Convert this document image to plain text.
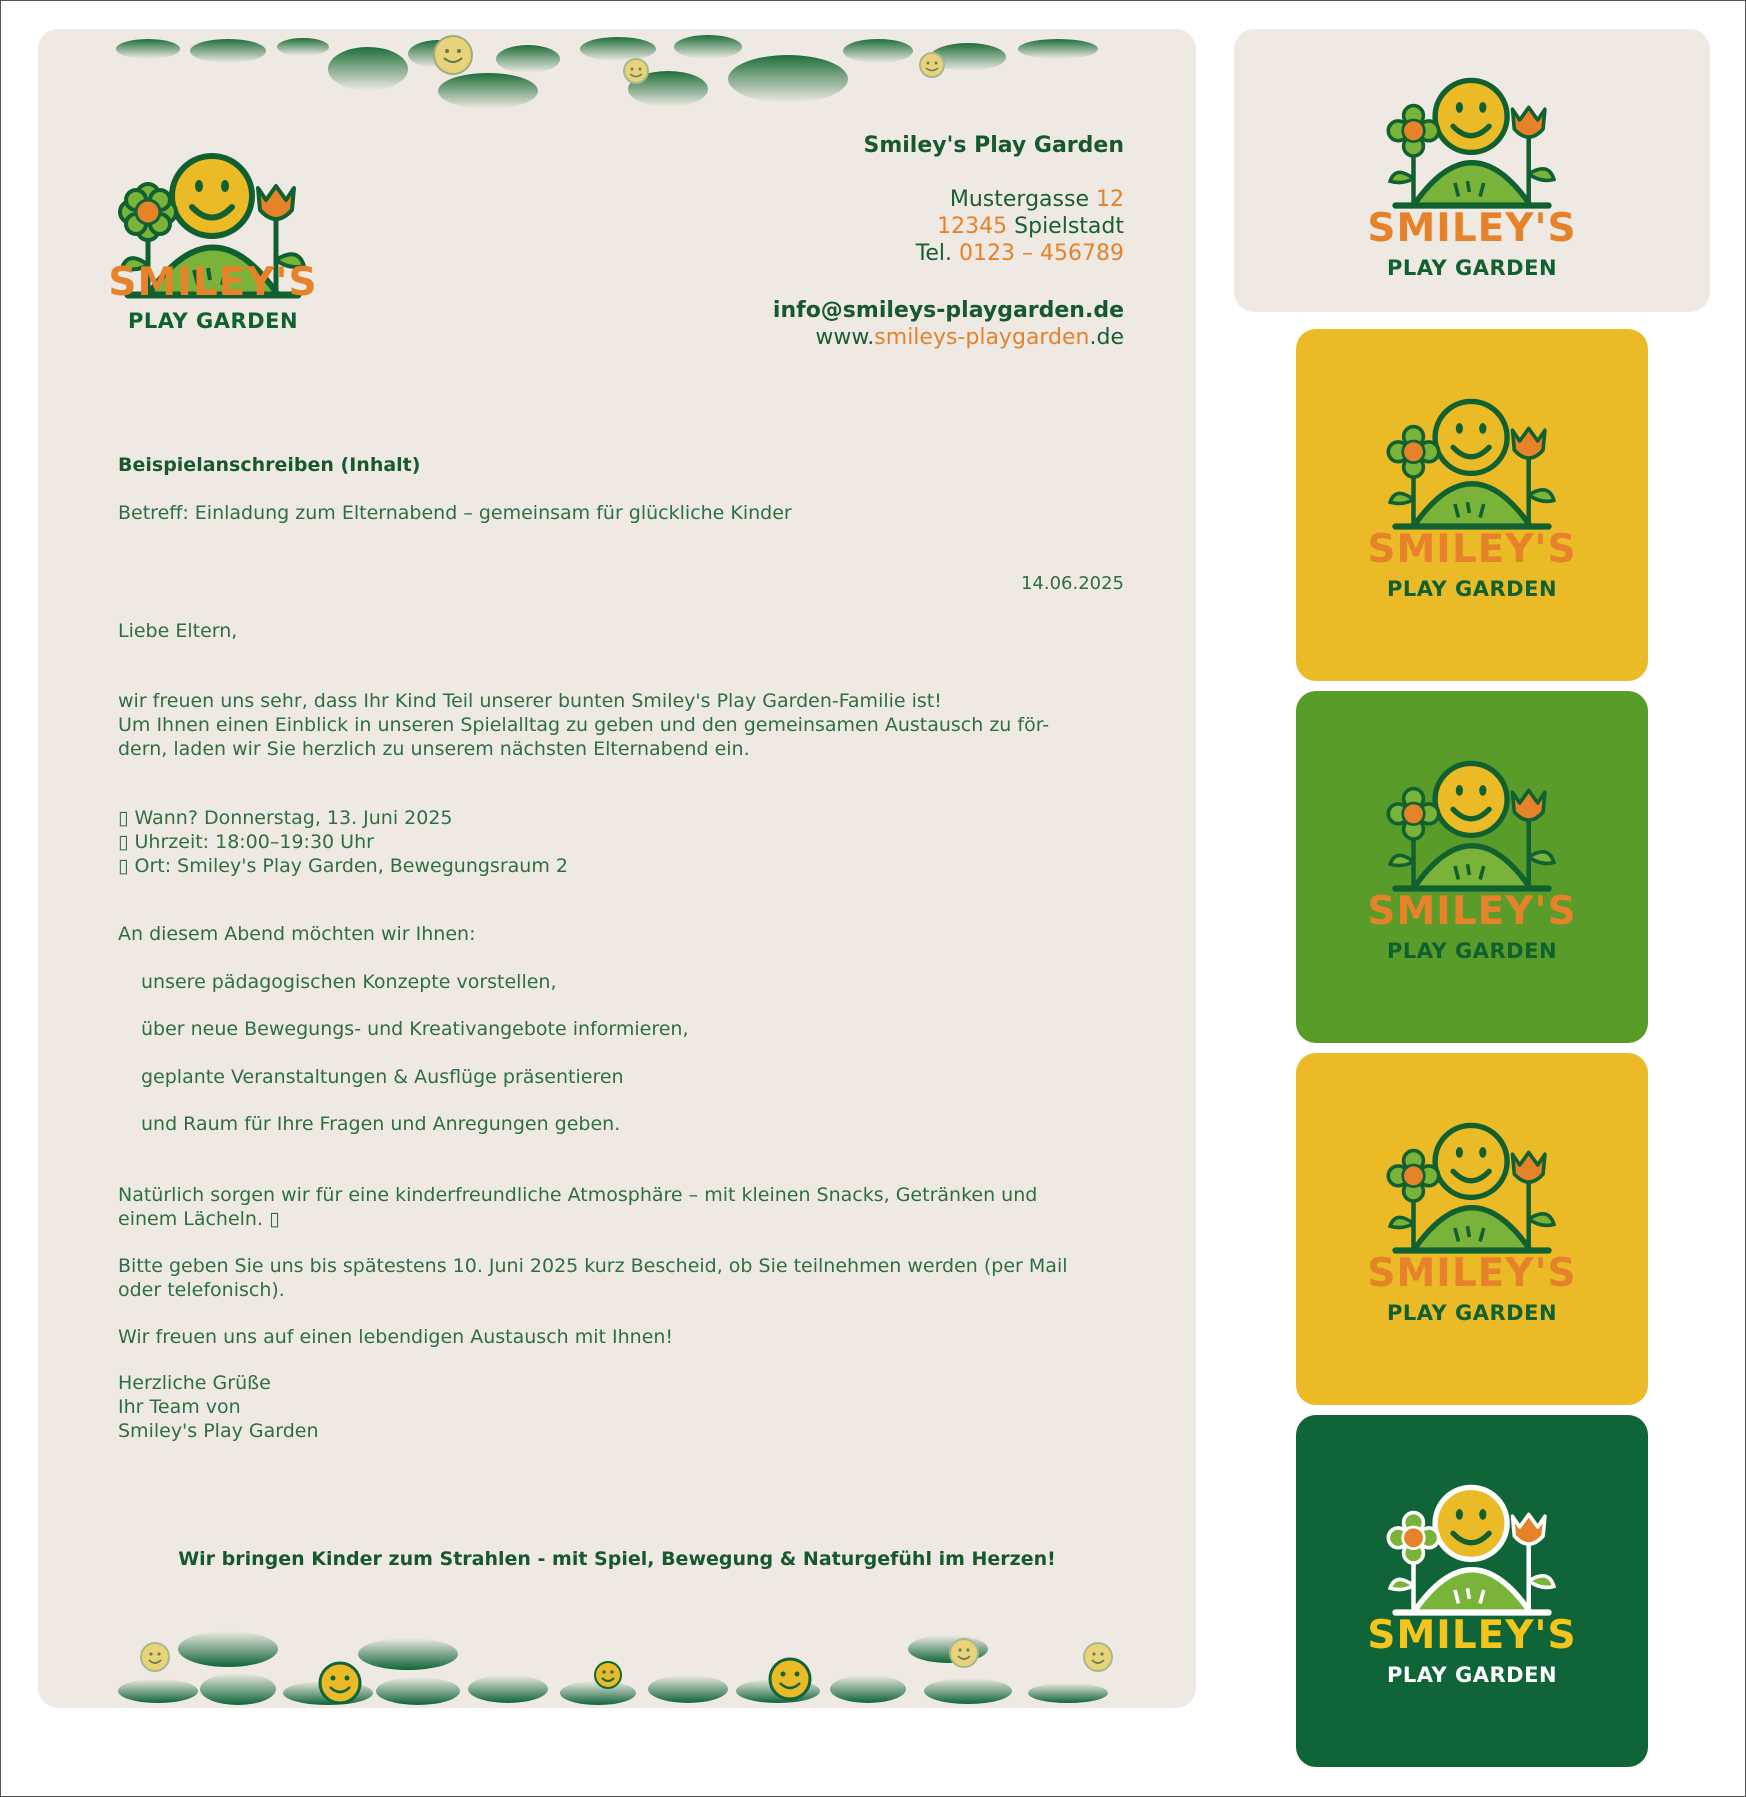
SMILEY'S
PLAY GARDEN
Smiley's Play Garden
Mustergasse 12
12345 Spielstadt
Tel. 0123 – 456789
info@smileys-playgarden.de
www.smileys-playgarden.de
Beispielanschreiben (Inhalt)
Betreff: Einladung zum Elternabend – gemeinsam für glückliche Kinder
14.06.2025
Liebe Eltern,
wir freuen uns sehr, dass Ihr Kind Teil unserer bunten Smiley's Play Garden-Familie ist!
Um Ihnen einen Einblick in unseren Spielalltag zu geben und den gemeinsamen Austausch zu för-
dern, laden wir Sie herzlich zu unserem nächsten Elternabend ein.
▯ Wann? Donnerstag, 13. Juni 2025
▯ Uhrzeit: 18:00–19:30 Uhr
▯ Ort: Smiley's Play Garden, Bewegungsraum 2
An diesem Abend möchten wir Ihnen:
unsere pädagogischen Konzepte vorstellen,
über neue Bewegungs- und Kreativangebote informieren,
geplante Veranstaltungen & Ausflüge präsentieren
und Raum für Ihre Fragen und Anregungen geben.
Natürlich sorgen wir für eine kinderfreundliche Atmosphäre – mit kleinen Snacks, Getränken und
einem Lächeln. ▯
Bitte geben Sie uns bis spätestens 10. Juni 2025 kurz Bescheid, ob Sie teilnehmen werden (per Mail
oder telefonisch).
Wir freuen uns auf einen lebendigen Austausch mit Ihnen!
Herzliche Grüße
Ihr Team von
Smiley's Play Garden
Wir bringen Kinder zum Strahlen - mit Spiel, Bewegung & Naturgefühl im Herzen!
SMILEY'S
PLAY GARDEN
SMILEY'S
PLAY GARDEN
SMILEY'S
PLAY GARDEN
SMILEY'S
PLAY GARDEN
SMILEY'S
PLAY GARDEN
